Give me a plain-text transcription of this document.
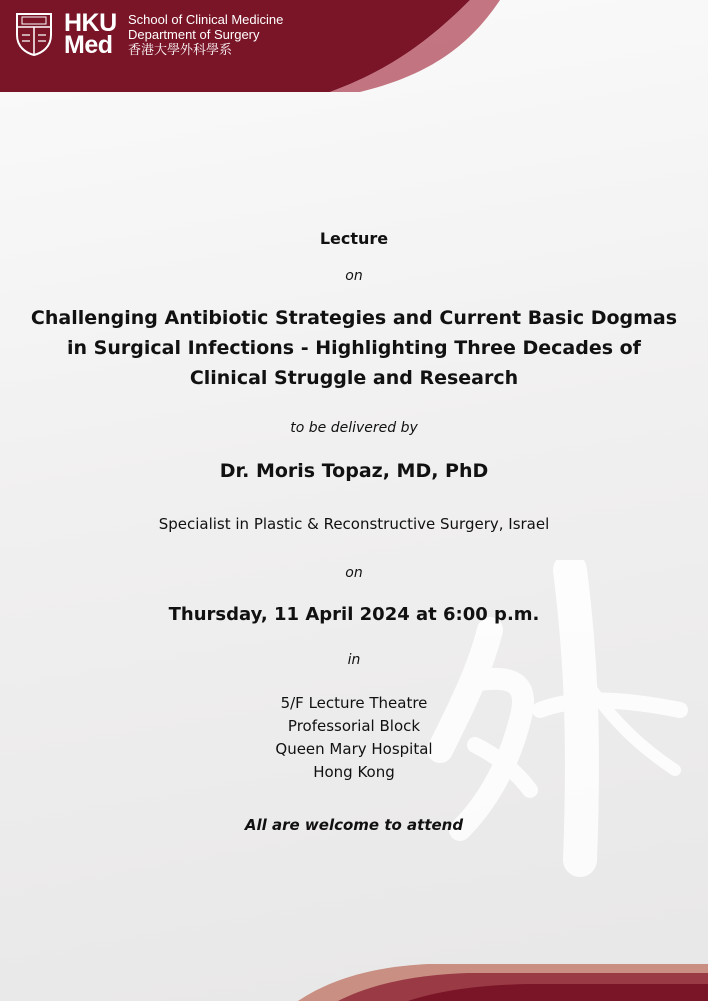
HKU
Med
School of Clinical Medicine
Department of Surgery
香港大學外科學系
Lecture
on
Challenging Antibiotic Strategies and Current Basic Dogmas in Surgical Infections - Highlighting Three Decades of Clinical Struggle and Research
to be delivered by
Dr. Moris Topaz, MD, PhD
Specialist in Plastic & Reconstructive Surgery, Israel
on
Thursday, 11 April 2024 at 6:00 p.m.
in
5/F Lecture Theatre
Professorial Block
Queen Mary Hospital
Hong Kong
All are welcome to attend
